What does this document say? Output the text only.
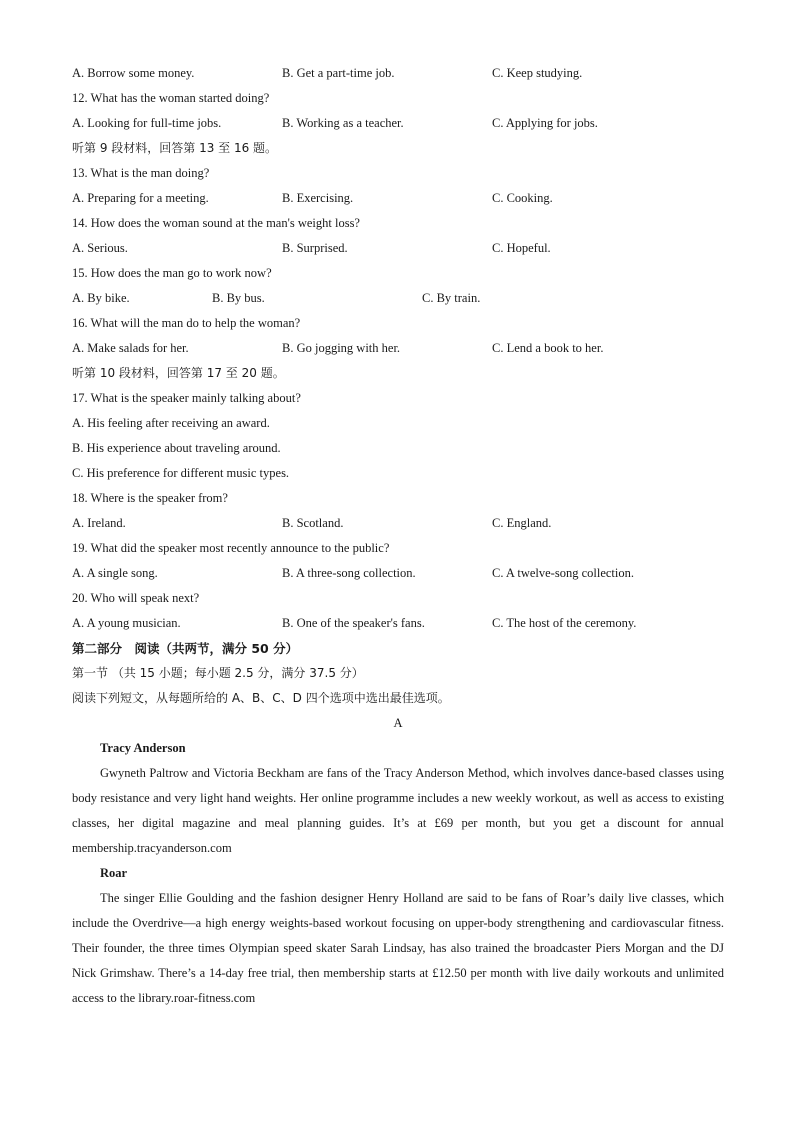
A. Borrow some money.	B. Get a part-time job.	C. Keep studying.
12. What has the woman started doing?
A. Looking for full-time jobs.	B. Working as a teacher.	C. Applying for jobs.
听第 9 段材料，回答第 13 至 16 题。
13. What is the man doing?
A. Preparing for a meeting.	B. Exercising.	C. Cooking.
14. How does the woman sound at the man's weight loss?
A. Serious.	B. Surprised.	C. Hopeful.
15. How does the man go to work now?
A. By bike.	B. By bus.	C. By train.
16. What will the man do to help the woman?
A. Make salads for her.	B. Go jogging with her.	C. Lend a book to her.
听第 10 段材料，回答第 17 至 20 题。
17. What is the speaker mainly talking about?
A. His feeling after receiving an award.
B. His experience about traveling around.
C. His preference for different music types.
18. Where is the speaker from?
A. Ireland.	B. Scotland.	C. England.
19. What did the speaker most recently announce to the public?
A. A single song.	B. A three-song collection.	C. A twelve-song collection.
20. Who will speak next?
A. A young musician.	B. One of the speaker's fans.	C. The host of the ceremony.
第二部分　阅读（共两节，满分 50 分）
第一节 （共 15 小题；每小题 2.5 分，满分 37.5 分）
阅读下列短文，从每题所给的 A、B、C、D 四个选项中选出最佳选项。
A
Tracy Anderson

Gwyneth Paltrow and Victoria Beckham are fans of the Tracy Anderson Method, which involves dance-based classes using body resistance and very light hand weights. Her online programme includes a new weekly workout, as well as access to existing classes, her digital magazine and meal planning guides. It’s at £69 per month, but you get a discount for annual membership.tracyanderson.com

Roar

The singer Ellie Goulding and the fashion designer Henry Holland are said to be fans of Roar’s daily live classes, which include the Overdrive—a high energy weights-based workout focusing on upper-body strengthening and cardiovascular fitness. Their founder, the three times Olympian speed skater Sarah Lindsay, has also trained the broadcaster Piers Morgan and the DJ Nick Grimshaw. There’s a 14-day free trial, then membership starts at £12.50 per month with live daily workouts and unlimited access to the library.roar-fitness.com
